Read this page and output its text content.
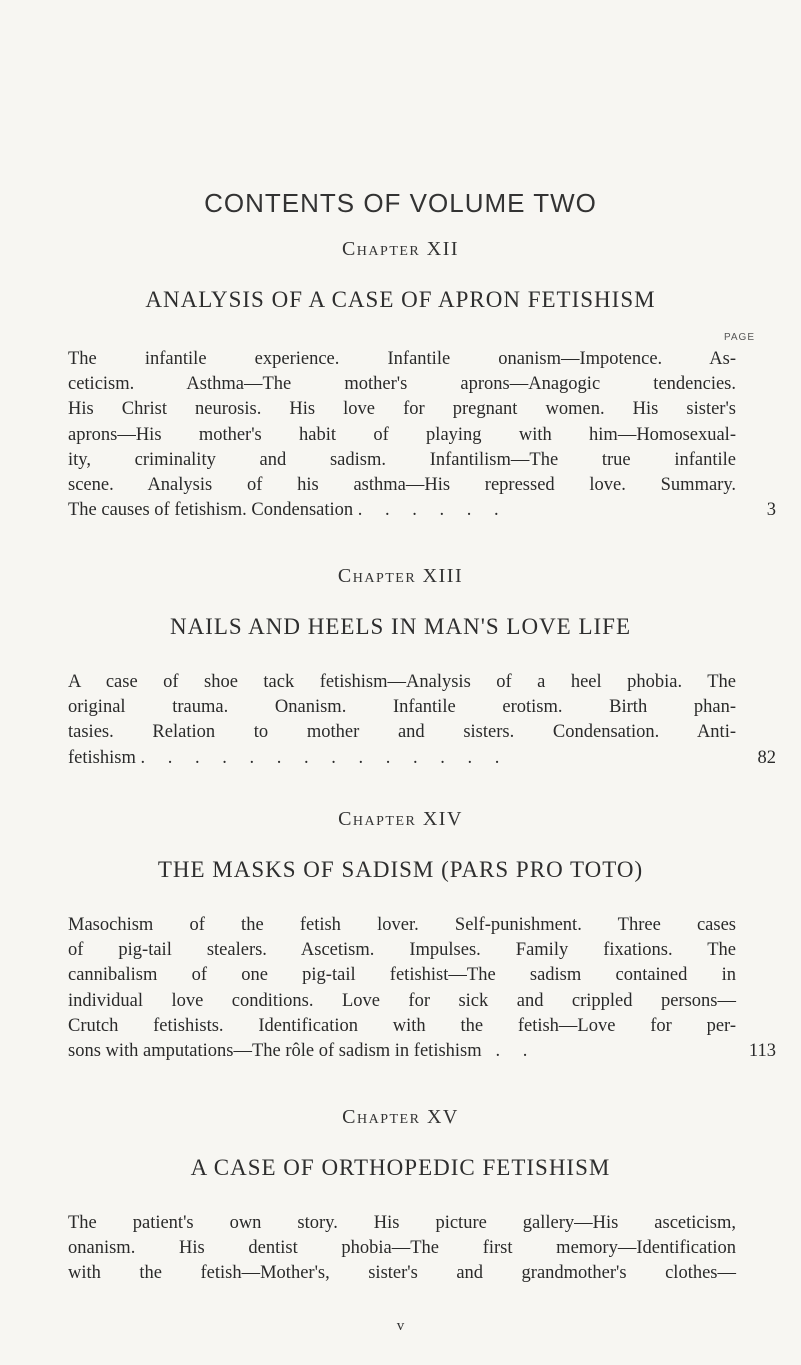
CONTENTS OF VOLUME TWO
Chapter XII
ANALYSIS OF A CASE OF APRON FETISHISM
PAGE
The infantile experience. Infantile onanism—Impotence. As-
ceticism. Asthma—The mother's aprons—Anagogic tendencies.
His Christ neurosis. His love for pregnant women. His sister's
aprons—His mother's habit of playing with him—Homosexual-
ity, criminality and sadism. Infantilism—The true infantile
scene. Analysis of his asthma—His repressed love. Summary.
The causes of fetishism. Condensation . . . . . .	3
Chapter XIII
NAILS AND HEELS IN MAN'S LOVE LIFE
A case of shoe tack fetishism—Analysis of a heel phobia. The
original trauma. Onanism. Infantile erotism. Birth phan-
tasies. Relation to mother and sisters. Condensation. Anti-
fetishism . . . . . . . . . . . . . .	82
Chapter XIV
THE MASKS OF SADISM (PARS PRO TOTO)
Masochism of the fetish lover. Self-punishment. Three cases
of pig-tail stealers. Ascetism. Impulses. Family fixations. The
cannibalism of one pig-tail fetishist—The sadism contained in
individual love conditions. Love for sick and crippled persons—
Crutch fetishists. Identification with the fetish—Love for per-
sons with amputations—The rôle of sadism in fetishism . .	113
Chapter XV
A CASE OF ORTHOPEDIC FETISHISM
The patient's own story. His picture gallery—His asceticism,
onanism. His dentist phobia—The first memory—Identification
with the fetish—Mother's, sister's and grandmother's clothes—
v
